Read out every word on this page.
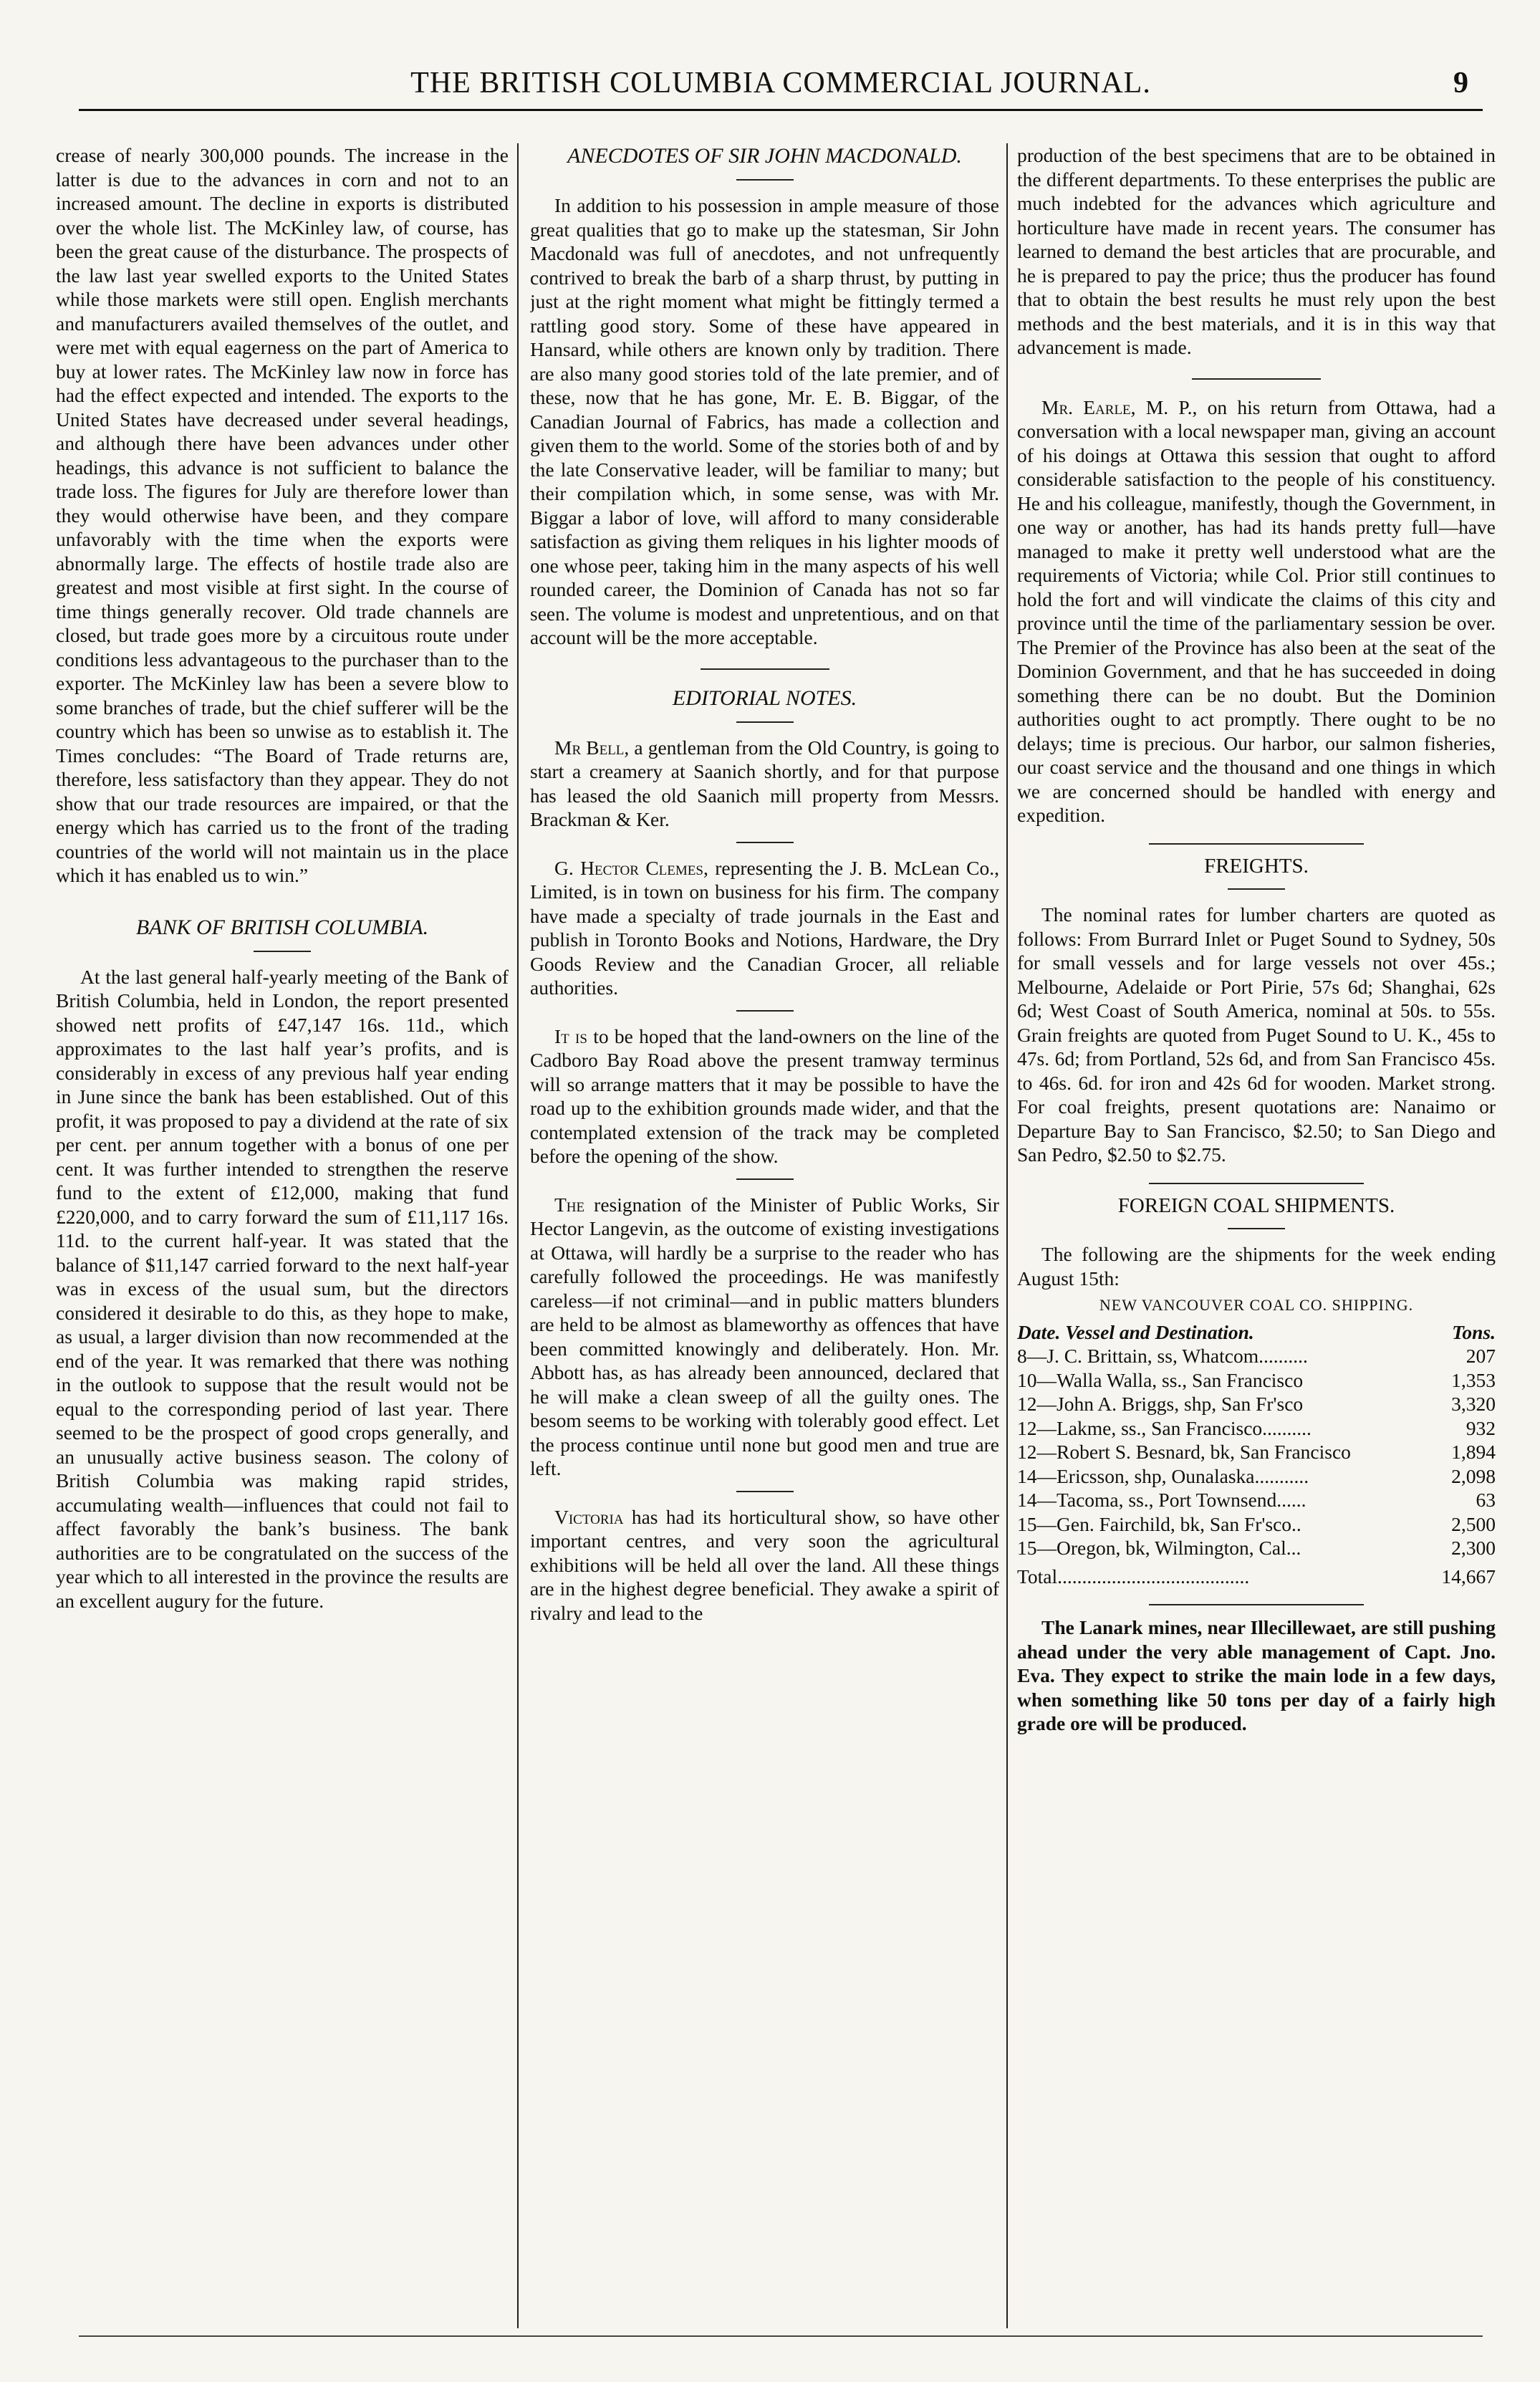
THE BRITISH COLUMBIA COMMERCIAL JOURNAL.	9

crease of nearly 300,000 pounds. The increase in the latter is due to the advances in corn and not to an increased amount. The decline in exports is distributed over the whole list. The McKinley law, of course, has been the great cause of the disturbance. The prospects of the law last year swelled exports to the United States while those markets were still open. English merchants and manufacturers availed themselves of the outlet, and were met with equal eagerness on the part of America to buy at lower rates. The McKinley law now in force has had the effect expected and intended. The exports to the United States have decreased under several headings, and although there have been advances under other headings, this advance is not sufficient to balance the trade loss. The figures for July are therefore lower than they would otherwise have been, and they compare unfavorably with the time when the exports were abnormally large. The effects of hostile trade also are greatest and most visible at first sight. In the course of time things generally recover. Old trade channels are closed, but trade goes more by a circuitous route under conditions less advantageous to the purchaser than to the exporter. The McKinley law has been a severe blow to some branches of trade, but the chief sufferer will be the country which has been so unwise as to establish it. The Times concludes: “The Board of Trade returns are, therefore, less satisfactory than they appear. They do not show that our trade resources are impaired, or that the energy which has carried us to the front of the trading countries of the world will not maintain us in the place which it has enabled us to win.”

BANK OF BRITISH COLUMBIA.

At the last general half-yearly meeting of the Bank of British Columbia, held in London, the report presented showed nett profits of £47,147 16s. 11d., which approximates to the last half year’s profits, and is considerably in excess of any previous half year ending in June since the bank has been established. Out of this profit, it was proposed to pay a dividend at the rate of six per cent. per annum together with a bonus of one per cent. It was further intended to strengthen the reserve fund to the extent of £12,000, making that fund £220,000, and to carry forward the sum of £11,117 16s. 11d. to the current half-year. It was stated that the balance of $11,147 carried forward to the next half-year was in excess of the usual sum, but the directors considered it desirable to do this, as they hope to make, as usual, a larger division than now recommended at the end of the year. It was remarked that there was nothing in the outlook to suppose that the result would not be equal to the corresponding period of last year. There seemed to be the prospect of good crops generally, and an unusually active business season. The colony of British Columbia was making rapid strides, accumulating wealth—influences that could not fail to affect favorably the bank’s business. The bank authorities are to be congratulated on the success of the year which to all interested in the province the results are an excellent augury for the future.

ANECDOTES OF SIR JOHN MACDONALD.

In addition to his possession in ample measure of those great qualities that go to make up the statesman, Sir John Macdonald was full of anecdotes, and not unfrequently contrived to break the barb of a sharp thrust, by putting in just at the right moment what might be fittingly termed a rattling good story. Some of these have appeared in Hansard, while others are known only by tradition. There are also many good stories told of the late premier, and of these, now that he has gone, Mr. E. B. Biggar, of the Canadian Journal of Fabrics, has made a collection and given them to the world. Some of the stories both of and by the late Conservative leader, will be familiar to many; but their compilation which, in some sense, was with Mr. Biggar a labor of love, will afford to many considerable satisfaction as giving them reliques in his lighter moods of one whose peer, taking him in the many aspects of his well rounded career, the Dominion of Canada has not so far seen. The volume is modest and unpretentious, and on that account will be the more acceptable.

EDITORIAL NOTES.

Mr Bell, a gentleman from the Old Country, is going to start a creamery at Saanich shortly, and for that purpose has leased the old Saanich mill property from Messrs. Brackman & Ker.

G. Hector Clemes, representing the J. B. McLean Co., Limited, is in town on business for his firm. The company have made a specialty of trade journals in the East and publish in Toronto Books and Notions, Hardware, the Dry Goods Review and the Canadian Grocer, all reliable authorities.

It is to be hoped that the land-owners on the line of the Cadboro Bay Road above the present tramway terminus will so arrange matters that it may be possible to have the road up to the exhibition grounds made wider, and that the contemplated extension of the track may be completed before the opening of the show.

The resignation of the Minister of Public Works, Sir Hector Langevin, as the outcome of existing investigations at Ottawa, will hardly be a surprise to the reader who has carefully followed the proceedings. He was manifestly careless—if not criminal—and in public matters blunders are held to be almost as blameworthy as offences that have been committed knowingly and deliberately. Hon. Mr. Abbott has, as has already been announced, declared that he will make a clean sweep of all the guilty ones. The besom seems to be working with tolerably good effect. Let the process continue until none but good men and true are left.

Victoria has had its horticultural show, so have other important centres, and very soon the agricultural exhibitions will be held all over the land. All these things are in the highest degree beneficial. They awake a spirit of rivalry and lead to the

production of the best specimens that are to be obtained in the different departments. To these enterprises the public are much indebted for the advances which agriculture and horticulture have made in recent years. The consumer has learned to demand the best articles that are procurable, and he is prepared to pay the price; thus the producer has found that to obtain the best results he must rely upon the best methods and the best materials, and it is in this way that advancement is made.

Mr. Earle, M. P., on his return from Ottawa, had a conversation with a local newspaper man, giving an account of his doings at Ottawa this session that ought to afford considerable satisfaction to the people of his constituency. He and his colleague, manifestly, though the Government, in one way or another, has had its hands pretty full—have managed to make it pretty well understood what are the requirements of Victoria; while Col. Prior still continues to hold the fort and will vindicate the claims of this city and province until the time of the parliamentary session be over. The Premier of the Province has also been at the seat of the Dominion Government, and that he has succeeded in doing something there can be no doubt. But the Dominion authorities ought to act promptly. There ought to be no delays; time is precious. Our harbor, our salmon fisheries, our coast service and the thousand and one things in which we are concerned should be handled with energy and expedition.

FREIGHTS.

The nominal rates for lumber charters are quoted as follows: From Burrard Inlet or Puget Sound to Sydney, 50s for small vessels and for large vessels not over 45s.; Melbourne, Adelaide or Port Pirie, 57s 6d; Shanghai, 62s 6d; West Coast of South America, nominal at 50s. to 55s. Grain freights are quoted from Puget Sound to U. K., 45s to 47s. 6d; from Portland, 52s 6d, and from San Francisco 45s. to 46s. 6d. for iron and 42s 6d for wooden. Market strong. For coal freights, present quotations are: Nanaimo or Departure Bay to San Francisco, $2.50; to San Diego and San Pedro, $2.50 to $2.75.

FOREIGN COAL SHIPMENTS.

The following are the shipments for the week ending August 15th:

NEW VANCOUVER COAL CO. SHIPPING.
Date. Vessel and Destination.	Tons.
8—J. C. Brittain, ss, Whatcom..........	207
10—Walla Walla, ss., San Francisco	1,353
12—John A. Briggs, shp, San Fr'sco	3,320
12—Lakme, ss., San Francisco..........	932
12—Robert S. Besnard, bk, San Francisco	1,894
14—Ericsson, shp, Ounalaska...........	2,098
14—Tacoma, ss., Port Townsend......	63
15—Gen. Fairchild, bk, San Fr'sco..	2,500
15—Oregon, bk, Wilmington, Cal...	2,300
Total.......................................	14,667

The Lanark mines, near Illecillewaet, are still pushing ahead under the very able management of Capt. Jno. Eva. They expect to strike the main lode in a few days, when something like 50 tons per day of a fairly high grade ore will be produced.
